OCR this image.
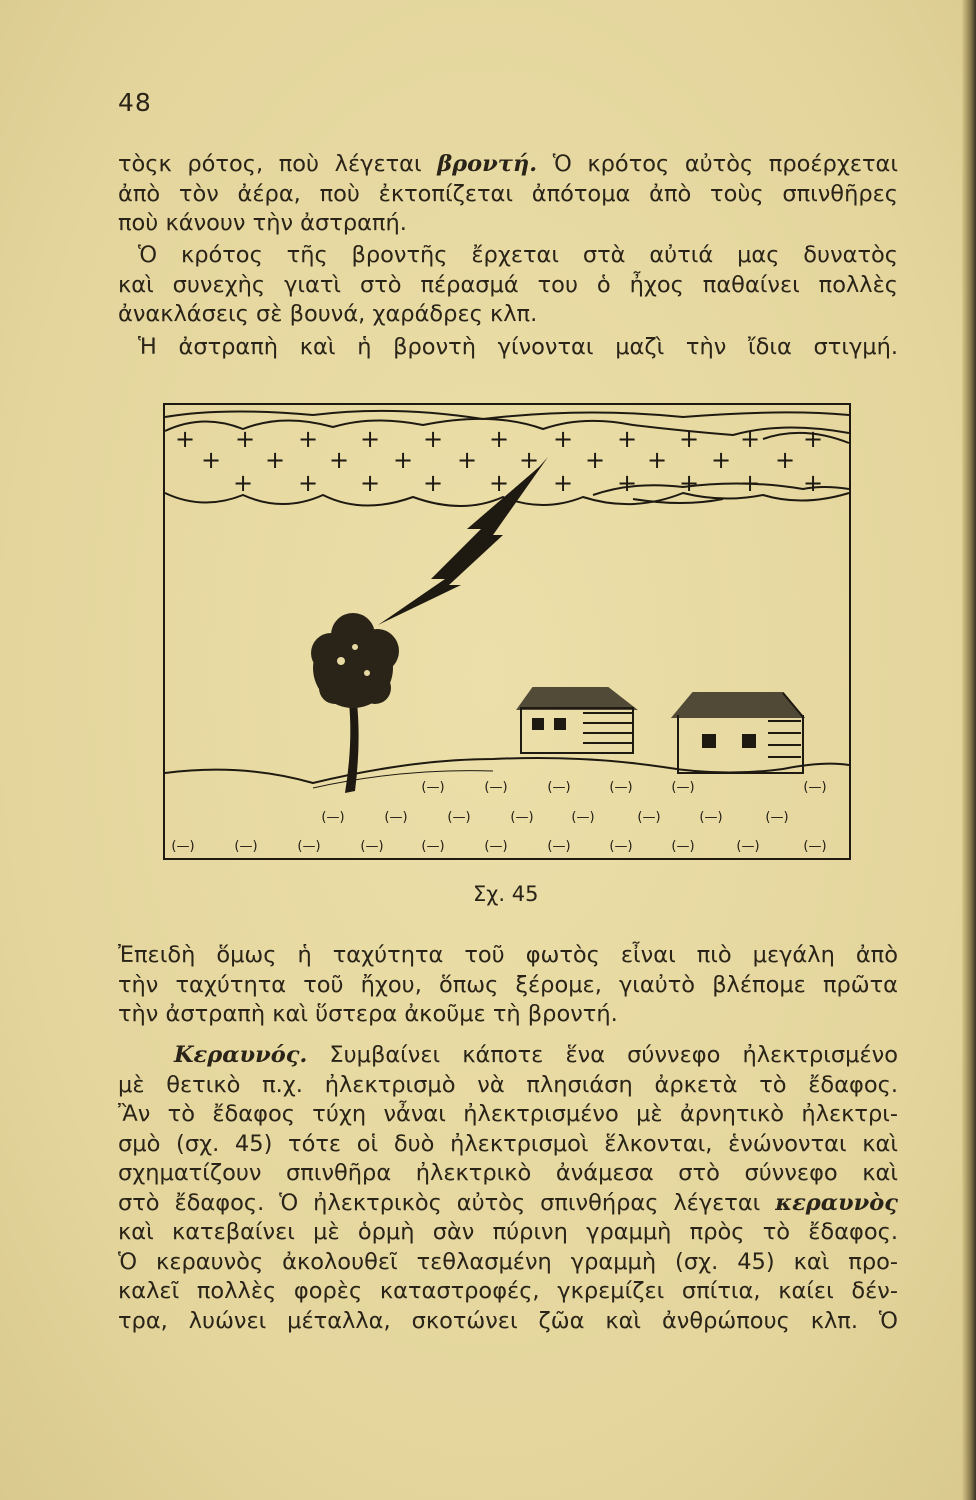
48

τὸςκ ρότος, ποὺ λέγεται βροντή. Ὁ κρότος αὐτὸς προέρχεται
ἀπὸ τὸν ἀέρα, ποὺ ἐκτοπίζεται ἀπότομα ἀπὸ τοὺς σπινθῆρες
ποὺ κάνουν τὴν ἀστραπή.

Ὁ κρότος τῆς βροντῆς ἔρχεται στὰ αὐτιά μας δυνατὸς
καὶ συνεχὴς γιατὶ στὸ πέρασμά του ὁ ἦχος παθαίνει πολλὲς
ἀνακλάσεις σὲ βουνά, χαράδρες κλπ.

Ἡ ἀστραπὴ καὶ ἡ βροντὴ γίνονται μαζὶ τὴν ἴδια στιγμή.

+ + + + + + + + + + +
+ + + + + + + + + +
+ + + + + + + + + +
(—)	(—)	(—)	(—)	(—)	(—)
(—)	(—)	(—)	(—)	(—)	(—)	(—)	(—)
(—)	(—)	(—)	(—)	(—)	(—)	(—)	(—)	(—)	(—)	(—)
Σχ. 45

Ἐπειδὴ ὅμως ἡ ταχύτητα τοῦ φωτὸς εἶναι πιὸ μεγάλη ἀπὸ
τὴν ταχύτητα τοῦ ἤχου, ὅπως ξέρομε, γιαὐτὸ βλέπομε πρῶτα
τὴν ἀστραπὴ καὶ ὕστερα ἀκοῦμε τὴ βροντή.

Κεραυνός. Συμβαίνει κάποτε ἕνα σύννεφο ἠλεκτρισμένο
μὲ θετικὸ π.χ. ἠλεκτρισμὸ νὰ πλησιάση ἀρκετὰ τὸ ἔδαφος.
Ἂν τὸ ἔδαφος τύχη νἆναι ἠλεκτρισμένο μὲ ἀρνητικὸ ἠλεκτρι-
σμὸ (σχ. 45) τότε οἱ δυὸ ἠλεκτρισμοὶ ἕλκονται, ἑνώνονται καὶ
σχηματίζουν σπινθῆρα ἠλεκτρικὸ ἀνάμεσα στὸ σύννεφο καὶ
στὸ ἔδαφος. Ὁ ἠλεκτρικὸς αὐτὸς σπινθήρας λέγεται κεραυνὸς
καὶ κατεβαίνει μὲ ὁρμὴ σὰν πύρινη γραμμὴ πρὸς τὸ ἔδαφος.
Ὁ κεραυνὸς ἀκολουθεῖ τεθλασμένη γραμμὴ (σχ. 45) καὶ προ-
καλεῖ πολλὲς φορὲς καταστροφές, γκρεμίζει σπίτια, καίει δέν-
τρα, λυώνει μέταλλα, σκοτώνει ζῶα καὶ ἀνθρώπους κλπ. Ὁ
